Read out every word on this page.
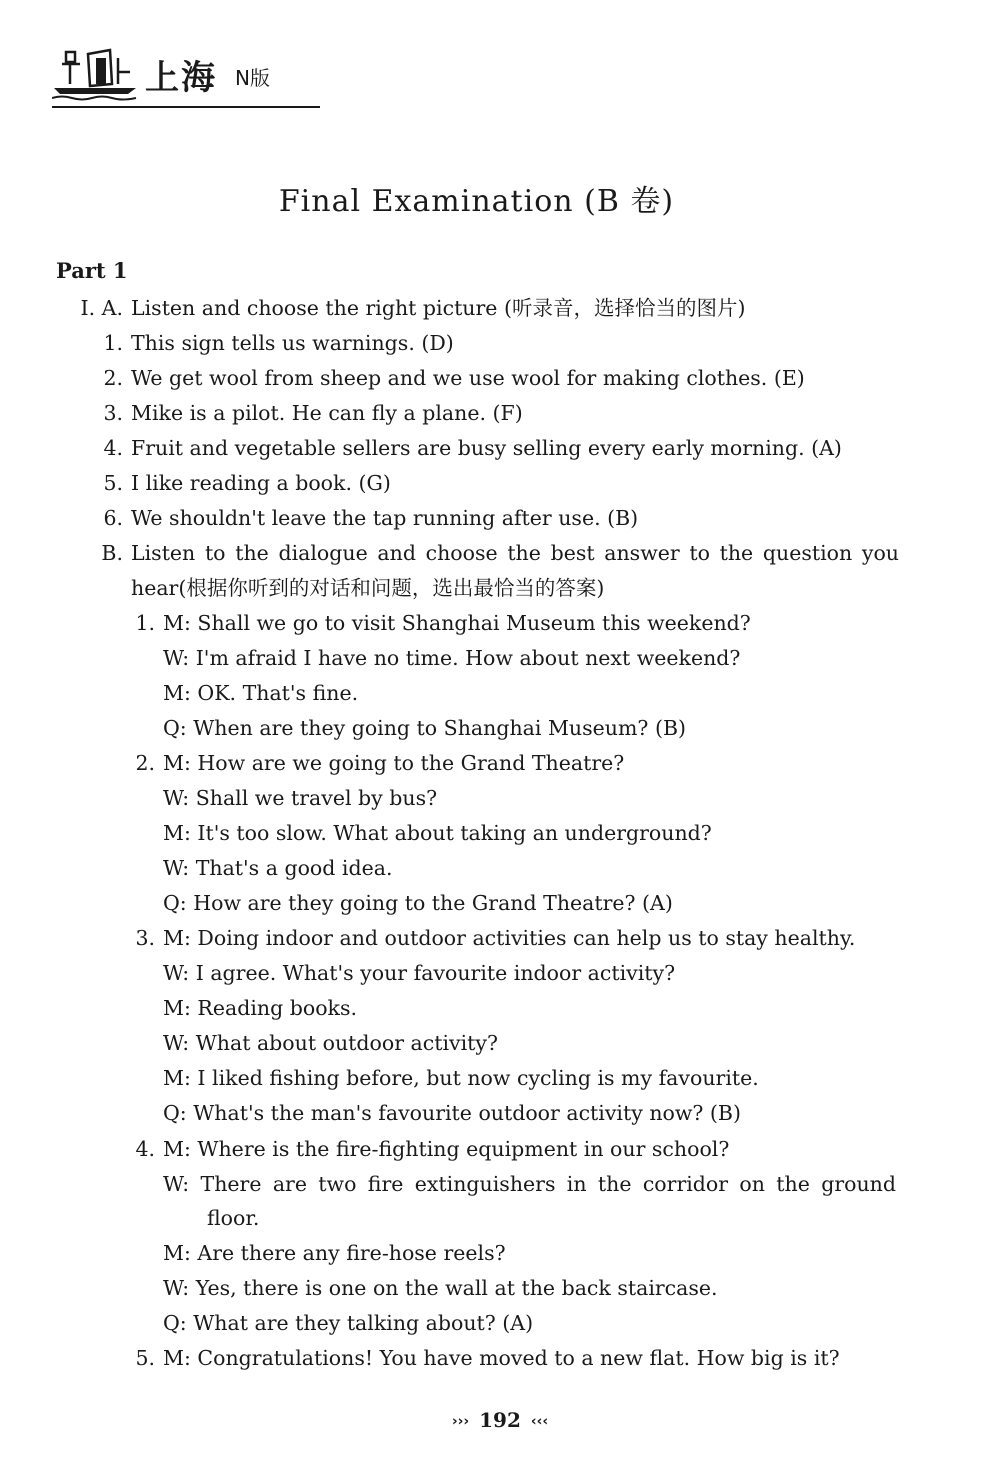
上海 N版
Final Examination (B 卷)
Part 1
Ⅰ. A. Listen and choose the right picture (听录音，选择恰当的图片)
1. This sign tells us warnings. (D)
2. We get wool from sheep and we use wool for making clothes. (E)
3. Mike is a pilot. He can fly a plane. (F)
4. Fruit and vegetable sellers are busy selling every early morning. (A)
5. I like reading a book. (G)
6. We shouldn't leave the tap running after use. (B)
B. Listen to the dialogue and choose the best answer to the question you
hear(根据你听到的对话和问题，选出最恰当的答案)
1. M: Shall we go to visit Shanghai Museum this weekend?
W: I'm afraid I have no time. How about next weekend?
M: OK. That's fine.
Q: When are they going to Shanghai Museum? (B)
2. M: How are we going to the Grand Theatre?
W: Shall we travel by bus?
M: It's too slow. What about taking an underground?
W: That's a good idea.
Q: How are they going to the Grand Theatre? (A)
3. M: Doing indoor and outdoor activities can help us to stay healthy.
W: I agree. What's your favourite indoor activity?
M: Reading books.
W: What about outdoor activity?
M: I liked fishing before, but now cycling is my favourite.
Q: What's the man's favourite outdoor activity now? (B)
4. M: Where is the fire-fighting equipment in our school?
W: There are two fire extinguishers in the corridor on the ground
floor.
M: Are there any fire-hose reels?
W: Yes, there is one on the wall at the back staircase.
Q: What are they talking about? (A)
5. M: Congratulations! You have moved to a new flat. How big is it?
››› 192 ‹‹‹
